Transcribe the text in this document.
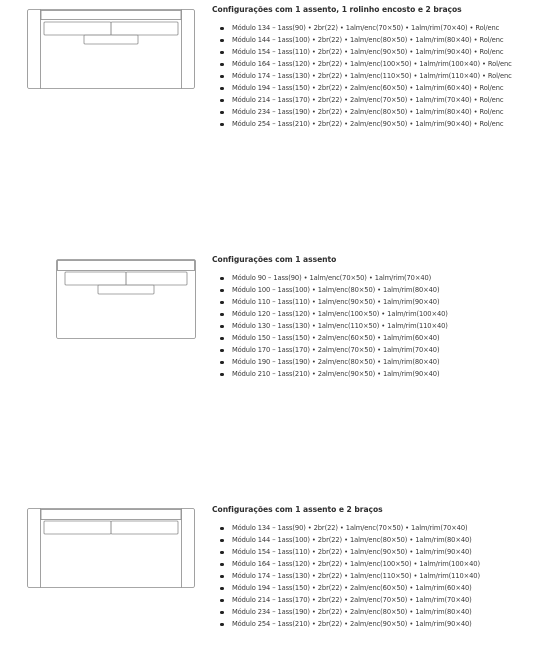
Configurações com 1 assento, 1 rolinho encosto e 2 braços
Módulo 134 – 1ass(90) • 2br(22) • 1alm/enc(70×50) • 1alm/rim(70×40) • Rol/enc
Módulo 144 – 1ass(100) • 2br(22) • 1alm/enc(80×50) • 1alm/rim(80×40) • Rol/enc
Módulo 154 – 1ass(110) • 2br(22) • 1alm/enc(90×50) • 1alm/rim(90×40) • Rol/enc
Módulo 164 – 1ass(120) • 2br(22) • 1alm/enc(100×50) • 1alm/rim(100×40) • Rol/enc
Módulo 174 – 1ass(130) • 2br(22) • 1alm/enc(110×50) • 1alm/rim(110×40) • Rol/enc
Módulo 194 – 1ass(150) • 2br(22) • 2alm/enc(60×50) • 1alm/rim(60×40) • Rol/enc
Módulo 214 – 1ass(170) • 2br(22) • 2alm/enc(70×50) • 1alm/rim(70×40) • Rol/enc
Módulo 234 – 1ass(190) • 2br(22) • 2alm/enc(80×50) • 1alm/rim(80×40) • Rol/enc
Módulo 254 – 1ass(210) • 2br(22) • 2alm/enc(90×50) • 1alm/rim(90×40) • Rol/enc
Configurações com 1 assento
Módulo 90 – 1ass(90) • 1alm/enc(70×50) • 1alm/rim(70×40)
Módulo 100 – 1ass(100) • 1alm/enc(80×50) • 1alm/rim(80×40)
Módulo 110 – 1ass(110) • 1alm/enc(90×50) • 1alm/rim(90×40)
Módulo 120 – 1ass(120) • 1alm/enc(100×50) • 1alm/rim(100×40)
Módulo 130 – 1ass(130) • 1alm/enc(110×50) • 1alm/rim(110×40)
Módulo 150 – 1ass(150) • 2alm/enc(60×50) • 1alm/rim(60×40)
Módulo 170 – 1ass(170) • 2alm/enc(70×50) • 1alm/rim(70×40)
Módulo 190 – 1ass(190) • 2alm/enc(80×50) • 1alm/rim(80×40)
Módulo 210 – 1ass(210) • 2alm/enc(90×50) • 1alm/rim(90×40)
Configurações com 1 assento e 2 braços
Módulo 134 – 1ass(90) • 2br(22) • 1alm/enc(70×50) • 1alm/rim(70×40)
Módulo 144 – 1ass(100) • 2br(22) • 1alm/enc(80×50) • 1alm/rim(80×40)
Módulo 154 – 1ass(110) • 2br(22) • 1alm/enc(90×50) • 1alm/rim(90×40)
Módulo 164 – 1ass(120) • 2br(22) • 1alm/enc(100×50) • 1alm/rim(100×40)
Módulo 174 – 1ass(130) • 2br(22) • 1alm/enc(110×50) • 1alm/rim(110×40)
Módulo 194 – 1ass(150) • 2br(22) • 2alm/enc(60×50) • 1alm/rim(60×40)
Módulo 214 – 1ass(170) • 2br(22) • 2alm/enc(70×50) • 1alm/rim(70×40)
Módulo 234 – 1ass(190) • 2br(22) • 2alm/enc(80×50) • 1alm/rim(80×40)
Módulo 254 – 1ass(210) • 2br(22) • 2alm/enc(90×50) • 1alm/rim(90×40)
